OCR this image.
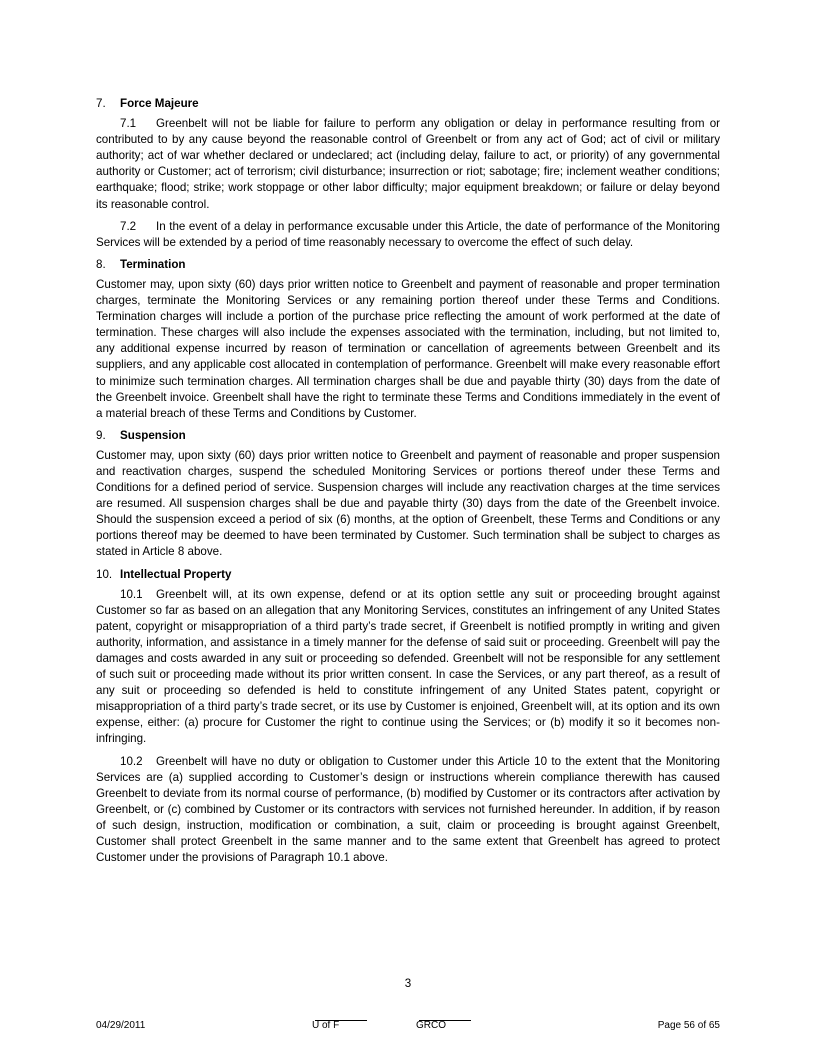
7.	Force Majeure

7.1 Greenbelt will not be liable for failure to perform any obligation or delay in performance resulting from or contributed to by any cause beyond the reasonable control of Greenbelt or from any act of God; act of civil or military authority; act of war whether declared or undeclared; act (including delay, failure to act, or priority) of any governmental authority or Customer; act of terrorism; civil disturbance; insurrection or riot; sabotage; fire; inclement weather conditions; earthquake; flood; strike; work stoppage or other labor difficulty; major equipment breakdown; or failure or delay beyond its reasonable control.

7.2 In the event of a delay in performance excusable under this Article, the date of performance of the Monitoring Services will be extended by a period of time reasonably necessary to overcome the effect of such delay.

8.	Termination

Customer may, upon sixty (60) days prior written notice to Greenbelt and payment of reasonable and proper termination charges, terminate the Monitoring Services or any remaining portion thereof under these Terms and Conditions. Termination charges will include a portion of the purchase price reflecting the amount of work performed at the date of termination. These charges will also include the expenses associated with the termination, including, but not limited to, any additional expense incurred by reason of termination or cancellation of agreements between Greenbelt and its suppliers, and any applicable cost allocated in contemplation of performance. Greenbelt will make every reasonable effort to minimize such termination charges. All termination charges shall be due and payable thirty (30) days from the date of the Greenbelt invoice. Greenbelt shall have the right to terminate these Terms and Conditions immediately in the event of a material breach of these Terms and Conditions by Customer.

9.	Suspension

Customer may, upon sixty (60) days prior written notice to Greenbelt and payment of reasonable and proper suspension and reactivation charges, suspend the scheduled Monitoring Services or portions thereof under these Terms and Conditions for a defined period of service. Suspension charges will include any reactivation charges at the time services are resumed. All suspension charges shall be due and payable thirty (30) days from the date of the Greenbelt invoice. Should the suspension exceed a period of six (6) months, at the option of Greenbelt, these Terms and Conditions or any portions thereof may be deemed to have been terminated by Customer. Such termination shall be subject to charges as stated in Article 8 above.

10. Intellectual Property

10.1 Greenbelt will, at its own expense, defend or at its option settle any suit or proceeding brought against Customer so far as based on an allegation that any Monitoring Services, constitutes an infringement of any United States patent, copyright or misappropriation of a third party’s trade secret, if Greenbelt is notified promptly in writing and given authority, information, and assistance in a timely manner for the defense of said suit or proceeding. Greenbelt will pay the damages and costs awarded in any suit or proceeding so defended. Greenbelt will not be responsible for any settlement of such suit or proceeding made without its prior written consent. In case the Services, or any part thereof, as a result of any suit or proceeding so defended is held to constitute infringement of any United States patent, copyright or misappropriation of a third party’s trade secret, or its use by Customer is enjoined, Greenbelt will, at its option and its own expense, either: (a) procure for Customer the right to continue using the Services; or (b) modify it so it becomes non-infringing.

10.2 Greenbelt will have no duty or obligation to Customer under this Article 10 to the extent that the Monitoring Services are (a) supplied according to Customer’s design or instructions wherein compliance therewith has caused Greenbelt to deviate from its normal course of performance, (b) modified by Customer or its contractors after activation by Greenbelt, or (c) combined by Customer or its contractors with services not furnished hereunder. In addition, if by reason of such design, instruction, modification or combination, a suit, claim or proceeding is brought against Greenbelt, Customer shall protect Greenbelt in the same manner and to the same extent that Greenbelt has agreed to protect Customer under the provisions of Paragraph 10.1 above.

3
04/29/2011	U of F	GRCO	Page 56 of 65
